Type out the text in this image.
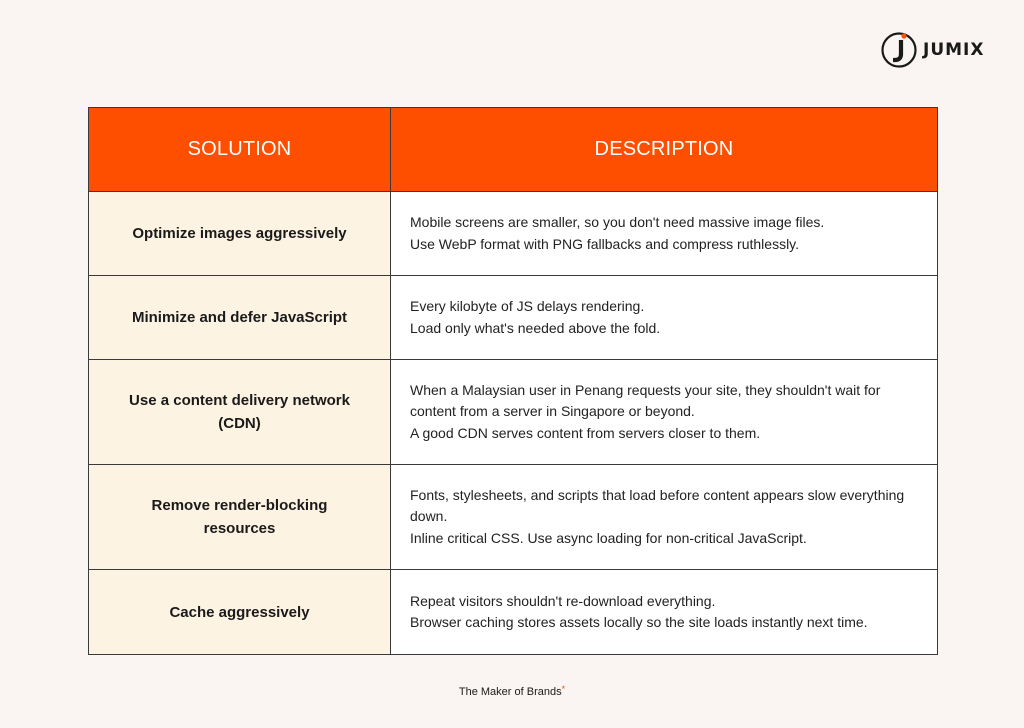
JUMIX
SOLUTION	DESCRIPTION
Optimize images aggressively	Mobile screens are smaller, so you don't need massive image files.
Use WebP format with PNG fallbacks and compress ruthlessly.

Minimize and defer JavaScript	Every kilobyte of JS delays rendering.
Load only what's needed above the fold.

Use a content delivery network (CDN)	When a Malaysian user in Penang requests your site, they shouldn't wait for content from a server in Singapore or beyond.
A good CDN serves content from servers closer to them.

Remove render-blocking resources	Fonts, stylesheets, and scripts that load before content appears slow everything down.
Inline critical CSS. Use async loading for non-critical JavaScript.

Cache aggressively	Repeat visitors shouldn't re-download everything.
Browser caching stores assets locally so the site loads instantly next time.
The Maker of Brands*
